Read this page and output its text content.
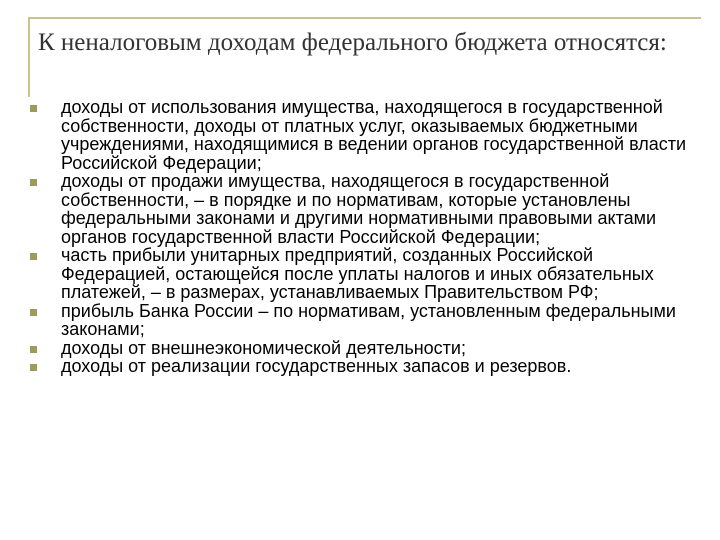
К неналоговым доходам федерального бюджета относятся:
доходы от использования имущества, находящегося в государственной собственности, доходы от платных услуг, оказываемых бюджетными учреждениями, находящимися в ведении органов государственной власти Российской Федерации;
доходы от продажи имущества, находящегося в государственной собственности, – в порядке и по нормативам, которые установлены федеральными законами и другими нормативными правовыми актами органов государственной власти Российской Федерации;
часть прибыли унитарных предприятий, созданных Российской Федерацией, остающейся после уплаты налогов и иных обязательных платежей, – в размерах, устанавливаемых Правительством РФ;
прибыль Банка России – по нормативам, установленным федеральными законами;
доходы от внешнеэкономической деятельности;
доходы от реализации государственных запасов и резервов.
